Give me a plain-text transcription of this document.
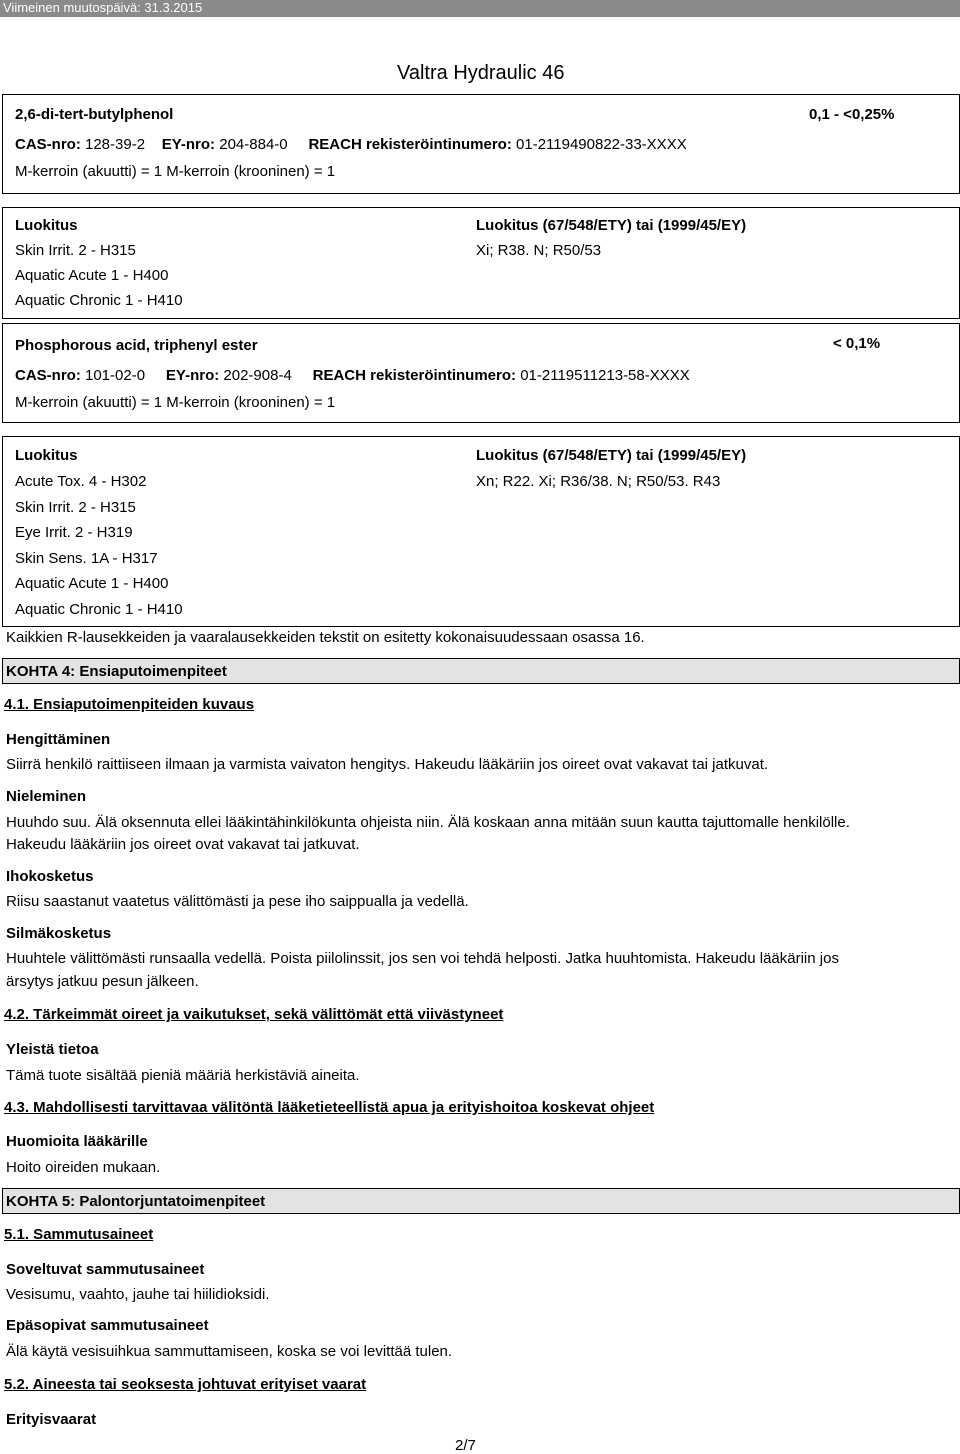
Viimeinen muutospäivä: 31.3.2015
Valtra Hydraulic 46
2,6-di-tert-butylphenol	0,1 - <0,25%
CAS-nro: 128-39-2 EY-nro: 204-884-0 REACH rekisteröintinumero: 01-2119490822-33-XXXX
M-kerroin (akuutti) = 1 M-kerroin (krooninen) = 1
Luokitus
Skin Irrit. 2 - H315
Aquatic Acute 1 - H400
Aquatic Chronic 1 - H410
Luokitus (67/548/ETY) tai (1999/45/EY)
Xi; R38. N; R50/53
Phosphorous acid, triphenyl ester	< 0,1%
CAS-nro: 101-02-0 EY-nro: 202-908-4 REACH rekisteröintinumero: 01-2119511213-58-XXXX
M-kerroin (akuutti) = 1 M-kerroin (krooninen) = 1
Luokitus
Acute Tox. 4 - H302
Skin Irrit. 2 - H315
Eye Irrit. 2 - H319
Skin Sens. 1A - H317
Aquatic Acute 1 - H400
Aquatic Chronic 1 - H410
Luokitus (67/548/ETY) tai (1999/45/EY)
Xn; R22. Xi; R36/38. N; R50/53. R43
Kaikkien R-lausekkeiden ja vaaralausekkeiden tekstit on esitetty kokonaisuudessaan osassa 16.
KOHTA 4: Ensiaputoimenpiteet
4.1. Ensiaputoimenpiteiden kuvaus
Hengittäminen
Siirrä henkilö raittiiseen ilmaan ja varmista vaivaton hengitys. Hakeudu lääkäriin jos oireet ovat vakavat tai jatkuvat.
Nieleminen
Huuhdo suu. Älä oksennuta ellei lääkintähinkilökunta ohjeista niin. Älä koskaan anna mitään suun kautta tajuttomalle henkilölle.
Hakeudu lääkäriin jos oireet ovat vakavat tai jatkuvat.
Ihokosketus
Riisu saastanut vaatetus välittömästi ja pese iho saippualla ja vedellä.
Silmäkosketus
Huuhtele välittömästi runsaalla vedellä. Poista piilolinssit, jos sen voi tehdä helposti. Jatka huuhtomista. Hakeudu lääkäriin jos
ärsytys jatkuu pesun jälkeen.
4.2. Tärkeimmät oireet ja vaikutukset, sekä välittömät että viivästyneet
Yleistä tietoa
Tämä tuote sisältää pieniä määriä herkistäviä aineita.
4.3. Mahdollisesti tarvittavaa välitöntä lääketieteellistä apua ja erityishoitoa koskevat ohjeet
Huomioita lääkärille
Hoito oireiden mukaan.
KOHTA 5: Palontorjuntatoimenpiteet
5.1. Sammutusaineet
Soveltuvat sammutusaineet
Vesisumu, vaahto, jauhe tai hiilidioksidi.
Epäsopivat sammutusaineet
Älä käytä vesisuihkua sammuttamiseen, koska se voi levittää tulen.
5.2. Aineesta tai seoksesta johtuvat erityiset vaarat
Erityisvaarat
2/7
